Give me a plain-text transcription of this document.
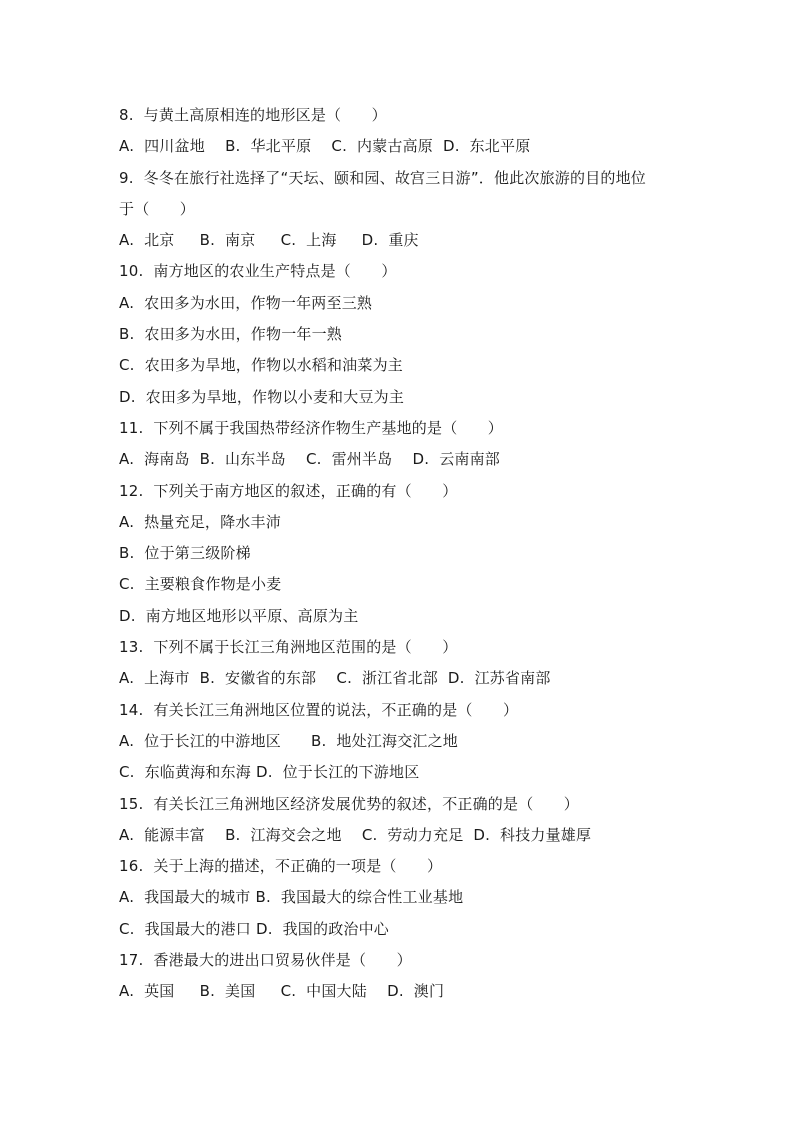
8.  与黄土高原相连的地形区是（　　）
A.  四川盆地　 B.  华北平原　 C.  内蒙古高原  D.  东北平原
9.  冬冬在旅行社选择了“天坛、颐和园、故宫三日游”．他此次旅游的目的地位
于（　　）
A.  北京　  B.  南京　  C.  上海　  D.  重庆
10.  南方地区的农业生产特点是（　　）
A.  农田多为水田，作物一年两至三熟
B.  农田多为水田，作物一年一熟
C.  农田多为旱地，作物以水稻和油菜为主
D.  农田多为旱地，作物以小麦和大豆为主
11.  下列不属于我国热带经济作物生产基地的是（　　）
A.  海南岛  B.  山东半岛　 C.  雷州半岛　 D.  云南南部
12.  下列关于南方地区的叙述，正确的有（　　）
A.  热量充足，降水丰沛
B.  位于第三级阶梯
C.  主要粮食作物是小麦
D.  南方地区地形以平原、高原为主
13.  下列不属于长江三角洲地区范围的是（　　）
A.  上海市  B.  安徽省的东部　 C.  浙江省北部  D.  江苏省南部
14.  有关长江三角洲地区位置的说法，不正确的是（　　）
A.  位于长江的中游地区　   B.  地处江海交汇之地
C.  东临黄海和东海 D.  位于长江的下游地区
15.  有关长江三角洲地区经济发展优势的叙述，不正确的是（　　）
A.  能源丰富　 B.  江海交会之地　 C.  劳动力充足  D.  科技力量雄厚
16.  关于上海的描述，不正确的一项是（　　）
A.  我国最大的城市 B.  我国最大的综合性工业基地
C.  我国最大的港口 D.  我国的政治中心
17.  香港最大的进出口贸易伙伴是（　　）
A.  英国　  B.  美国　  C.  中国大陆　 D.  澳门
